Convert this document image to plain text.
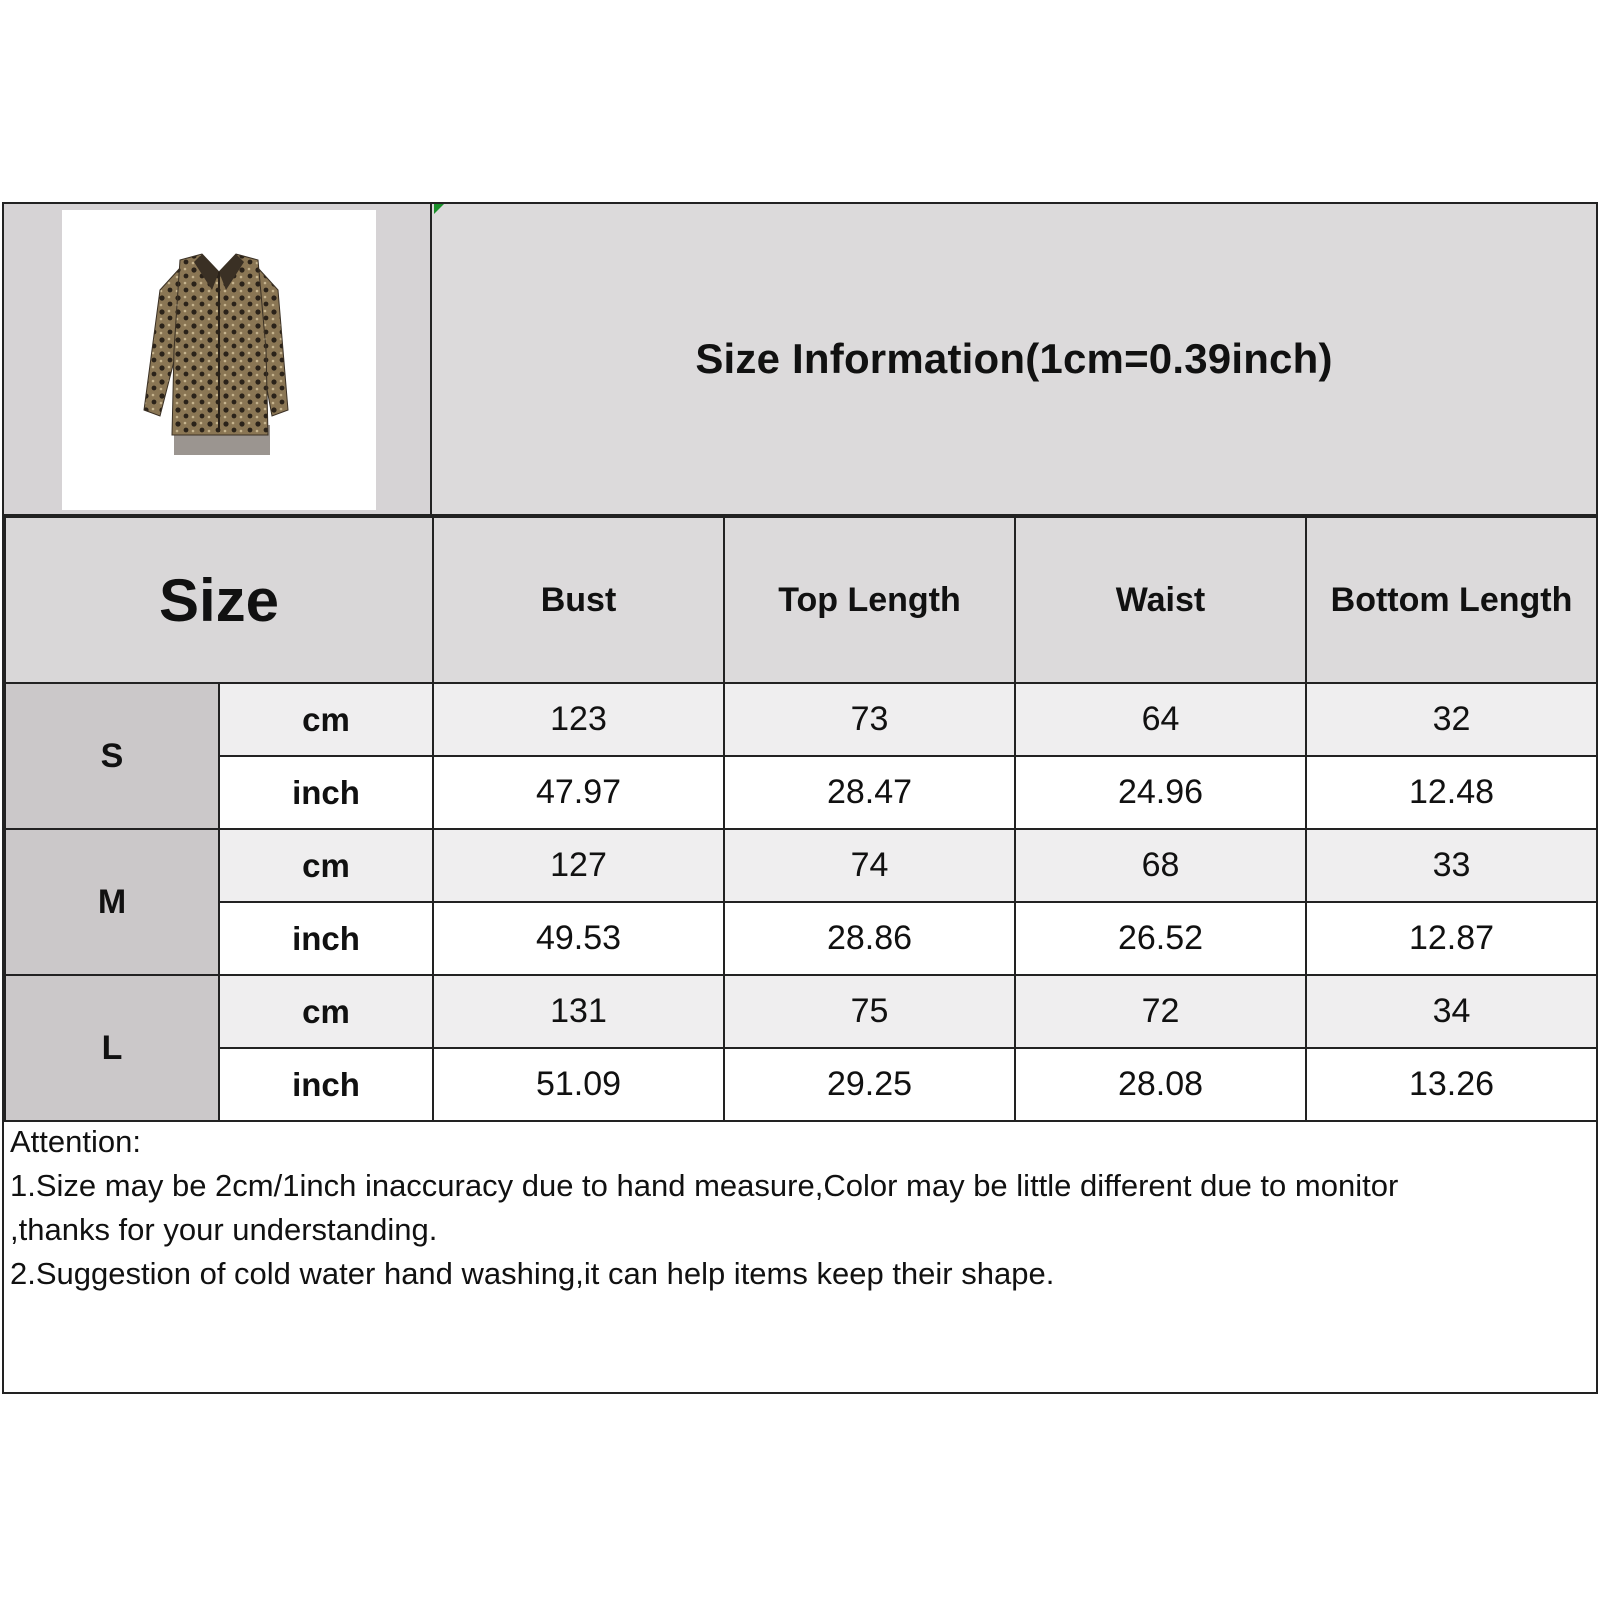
Size Information(1cm=0.39inch)
Size		Bust	Top Length	Waist	Bottom Length
S	cm	123	73	64	32
	inch	47.97	28.47	24.96	12.48
M	cm	127	74	68	33
	inch	49.53	28.86	26.52	12.87
L	cm	131	75	72	34
	inch	51.09	29.25	28.08	13.26
Attention:
1.Size may be 2cm/1inch inaccuracy due to hand measure,Color may be little different due to monitor
,thanks for your understanding.
2.Suggestion of cold water hand washing,it can help items keep their shape.
